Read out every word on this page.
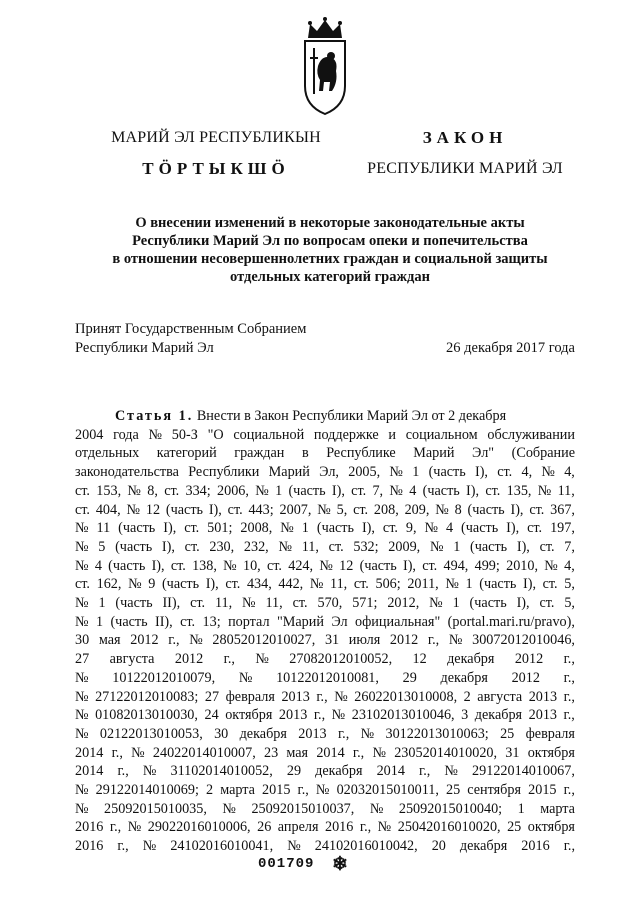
МАРИЙ ЭЛ РЕСПУБЛИКЫН
ТӦРТЫКШӦ
ЗАКОН
РЕСПУБЛИКИ МАРИЙ ЭЛ
О внесении изменений в некоторые законодательные акты
Республики Марий Эл по вопросам опеки и попечительства
в отношении несовершеннолетних граждан и социальной защиты
отдельных категорий граждан
Принят Государственным Собранием
Республики Марий Эл	26 декабря 2017 года
Статья 1. Внести в Закон Республики Марий Эл от 2 декабря
2004 года № 50-З "О социальной поддержке и социальном обслуживании
отдельных категорий граждан в Республике Марий Эл" (Собрание
законодательства Республики Марий Эл, 2005, № 1 (часть I), ст. 4, № 4,
ст. 153, № 8, ст. 334; 2006, № 1 (часть I), ст. 7, № 4 (часть I), ст. 135, № 11,
ст. 404, № 12 (часть I), ст. 443; 2007, № 5, ст. 208, 209, № 8 (часть I), ст. 367,
№ 11 (часть I), ст. 501; 2008, № 1 (часть I), ст. 9, № 4 (часть I), ст. 197,
№ 5 (часть I), ст. 230, 232, № 11, ст. 532; 2009, № 1 (часть I), ст. 7,
№ 4 (часть I), ст. 138, № 10, ст. 424, № 12 (часть I), ст. 494, 499; 2010, № 4,
ст. 162, № 9 (часть I), ст. 434, 442, № 11, ст. 506; 2011, № 1 (часть I), ст. 5,
№ 1 (часть II), ст. 11, № 11, ст. 570, 571; 2012, № 1 (часть I), ст. 5,
№ 1 (часть II), ст. 13; портал "Марий Эл официальная" (portal.mari.ru/pravo),
30 мая 2012 г., № 28052012010027, 31 июля 2012 г., № 30072012010046,
27 августа 2012 г., № 27082012010052, 12 декабря 2012 г.,
№ 10122012010079, № 10122012010081, 29 декабря 2012 г.,
№ 27122012010083; 27 февраля 2013 г., № 26022013010008, 2 августа 2013 г.,
№ 01082013010030, 24 октября 2013 г., № 23102013010046, 3 декабря 2013 г.,
№ 02122013010053, 30 декабря 2013 г., № 30122013010063; 25 февраля
2014 г., № 24022014010007, 23 мая 2014 г., № 23052014010020, 31 октября
2014 г., № 31102014010052, 29 декабря 2014 г., № 29122014010067,
№ 29122014010069; 2 марта 2015 г., № 02032015010011, 25 сентября 2015 г.,
№ 25092015010035, № 25092015010037, № 25092015010040; 1 марта
2016 г., № 29022016010006, 26 апреля 2016 г., № 25042016010020, 25 октября
2016 г., № 24102016010041, № 24102016010042, 20 декабря 2016 г.,
001709 ❄
